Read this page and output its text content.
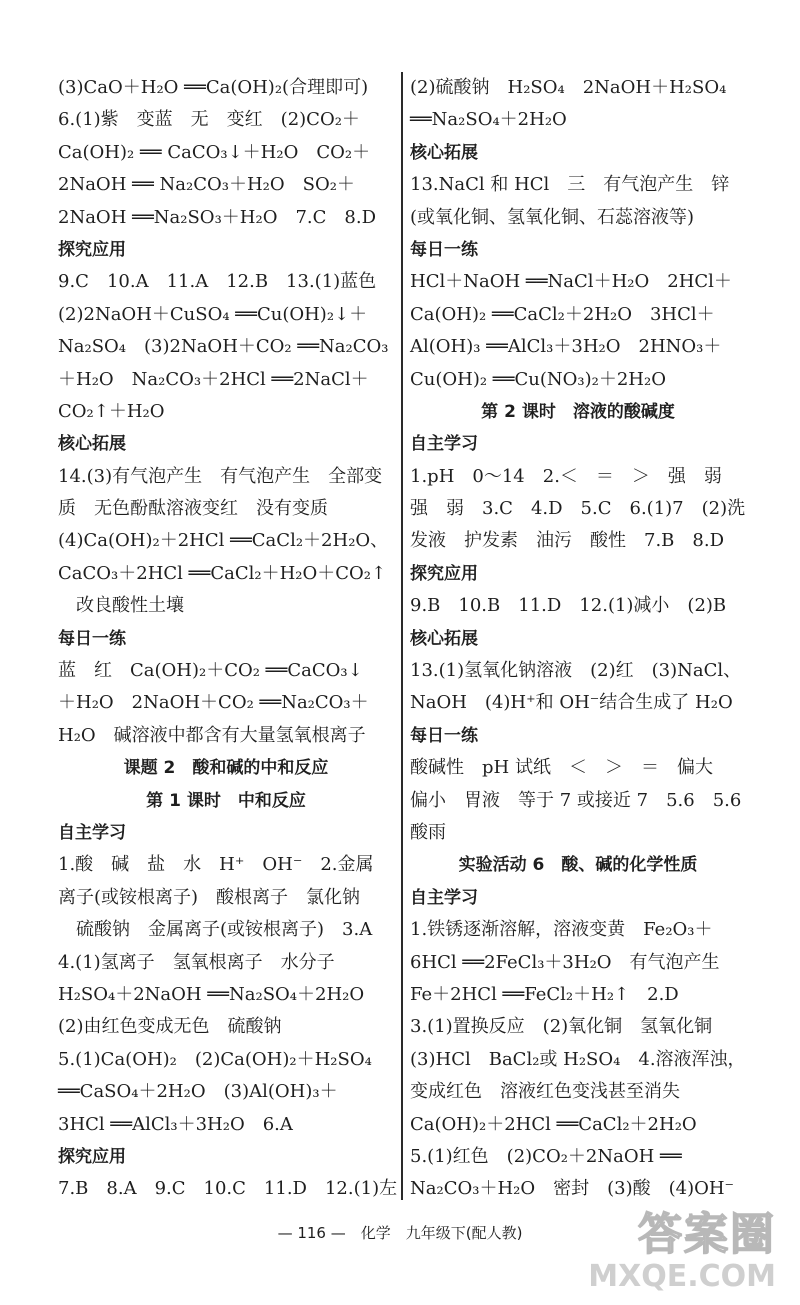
(3)CaO＋H₂O ══Ca(OH)₂(合理即可)
6.(1)紫　变蓝　无　变红　(2)CO₂＋
Ca(OH)₂ ══ CaCO₃↓＋H₂O　CO₂＋
2NaOH ══ Na₂CO₃＋H₂O　SO₂＋
2NaOH ══Na₂SO₃＋H₂O　7.C　8.D
探究应用
9.C　10.A　11.A　12.B　13.(1)蓝色
(2)2NaOH＋CuSO₄ ══Cu(OH)₂↓＋
Na₂SO₄　(3)2NaOH＋CO₂ ══Na₂CO₃
＋H₂O　Na₂CO₃＋2HCl ══2NaCl＋
CO₂↑＋H₂O
核心拓展
14.(3)有气泡产生　有气泡产生　全部变
质　无色酚酞溶液变红　没有变质
(4)Ca(OH)₂＋2HCl ══CaCl₂＋2H₂O、
CaCO₃＋2HCl ══CaCl₂＋H₂O＋CO₂↑
　改良酸性土壤
每日一练
蓝　红　Ca(OH)₂＋CO₂ ══CaCO₃↓
＋H₂O　2NaOH＋CO₂ ══Na₂CO₃＋
H₂O　碱溶液中都含有大量氢氧根离子
课题 2　酸和碱的中和反应
第 1 课时　中和反应
自主学习
1.酸　碱　盐　水　H⁺　OH⁻　2.金属
离子(或铵根离子)　酸根离子　氯化钠
　硫酸钠　金属离子(或铵根离子)　3.A
4.(1)氢离子　氢氧根离子　水分子
H₂SO₄＋2NaOH ══Na₂SO₄＋2H₂O
(2)由红色变成无色　硫酸钠
5.(1)Ca(OH)₂　(2)Ca(OH)₂＋H₂SO₄
══CaSO₄＋2H₂O　(3)Al(OH)₃＋
3HCl ══AlCl₃＋3H₂O　6.A
探究应用
7.B　8.A　9.C　10.C　11.D　12.(1)左
(2)硫酸钠　H₂SO₄　2NaOH＋H₂SO₄
══Na₂SO₄＋2H₂O
核心拓展
13.NaCl 和 HCl　三　有气泡产生　锌
(或氧化铜、氢氧化铜、石蕊溶液等)
每日一练
HCl＋NaOH ══NaCl＋H₂O　2HCl＋
Ca(OH)₂ ══CaCl₂＋2H₂O　3HCl＋
Al(OH)₃ ══AlCl₃＋3H₂O　2HNO₃＋
Cu(OH)₂ ══Cu(NO₃)₂＋2H₂O
第 2 课时　溶液的酸碱度
自主学习
1.pH　0～14　2.＜　＝　＞　强　弱
强　弱　3.C　4.D　5.C　6.(1)7　(2)洗
发液　护发素　油污　酸性　7.B　8.D
探究应用
9.B　10.B　11.D　12.(1)减小　(2)B
核心拓展
13.(1)氢氧化钠溶液　(2)红　(3)NaCl、
NaOH　(4)H⁺和 OH⁻结合生成了 H₂O
每日一练
酸碱性　pH 试纸　＜　＞　＝　偏大
偏小　胃液　等于 7 或接近 7　5.6　5.6
酸雨
实验活动 6　酸、碱的化学性质
自主学习
1.铁锈逐渐溶解，溶液变黄　Fe₂O₃＋
6HCl ══2FeCl₃＋3H₂O　有气泡产生
Fe＋2HCl ══FeCl₂＋H₂↑　2.D
3.(1)置换反应　(2)氧化铜　氢氧化铜
(3)HCl　BaCl₂或 H₂SO₄　4.溶液浑浊，
变成红色　溶液红色变浅甚至消失
Ca(OH)₂＋2HCl ══CaCl₂＋2H₂O
5.(1)红色　(2)CO₂＋2NaOH ══
Na₂CO₃＋H₂O　密封　(3)酸　(4)OH⁻
— 116 —　化学　九年级下(配人教)	答案圈
MXQE.COM
